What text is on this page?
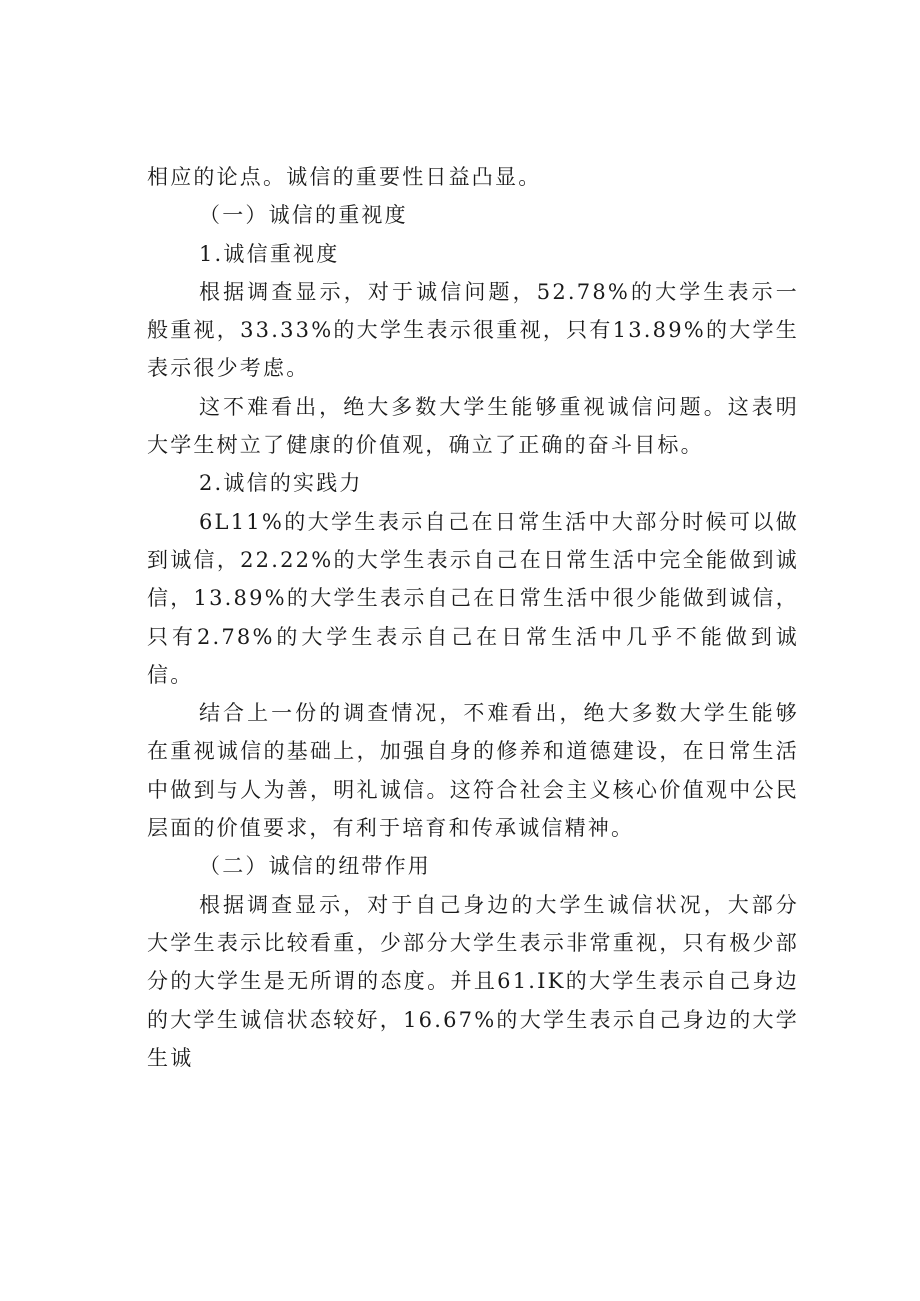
相应的论点。诚信的重要性日益凸显。

（一）诚信的重视度

1.诚信重视度

根据调查显示，对于诚信问题，52.78%的大学生表示一般重视，33.33%的大学生表示很重视，只有13.89%的大学生表示很少考虑。

这不难看出，绝大多数大学生能够重视诚信问题。这表明大学生树立了健康的价值观，确立了正确的奋斗目标。

2.诚信的实践力

6L11%的大学生表示自己在日常生活中大部分时候可以做到诚信，22.22%的大学生表示自己在日常生活中完全能做到诚信，13.89%的大学生表示自己在日常生活中很少能做到诚信，只有2.78%的大学生表示自己在日常生活中几乎不能做到诚信。

结合上一份的调查情况，不难看出，绝大多数大学生能够在重视诚信的基础上，加强自身的修养和道德建设，在日常生活中做到与人为善，明礼诚信。这符合社会主义核心价值观中公民层面的价值要求，有利于培育和传承诚信精神。

（二）诚信的纽带作用

根据调查显示，对于自己身边的大学生诚信状况，大部分大学生表示比较看重，少部分大学生表示非常重视，只有极少部分的大学生是无所谓的态度。并且61.IK的大学生表示自己身边的大学生诚信状态较好，16.67%的大学生表示自己身边的大学生诚
